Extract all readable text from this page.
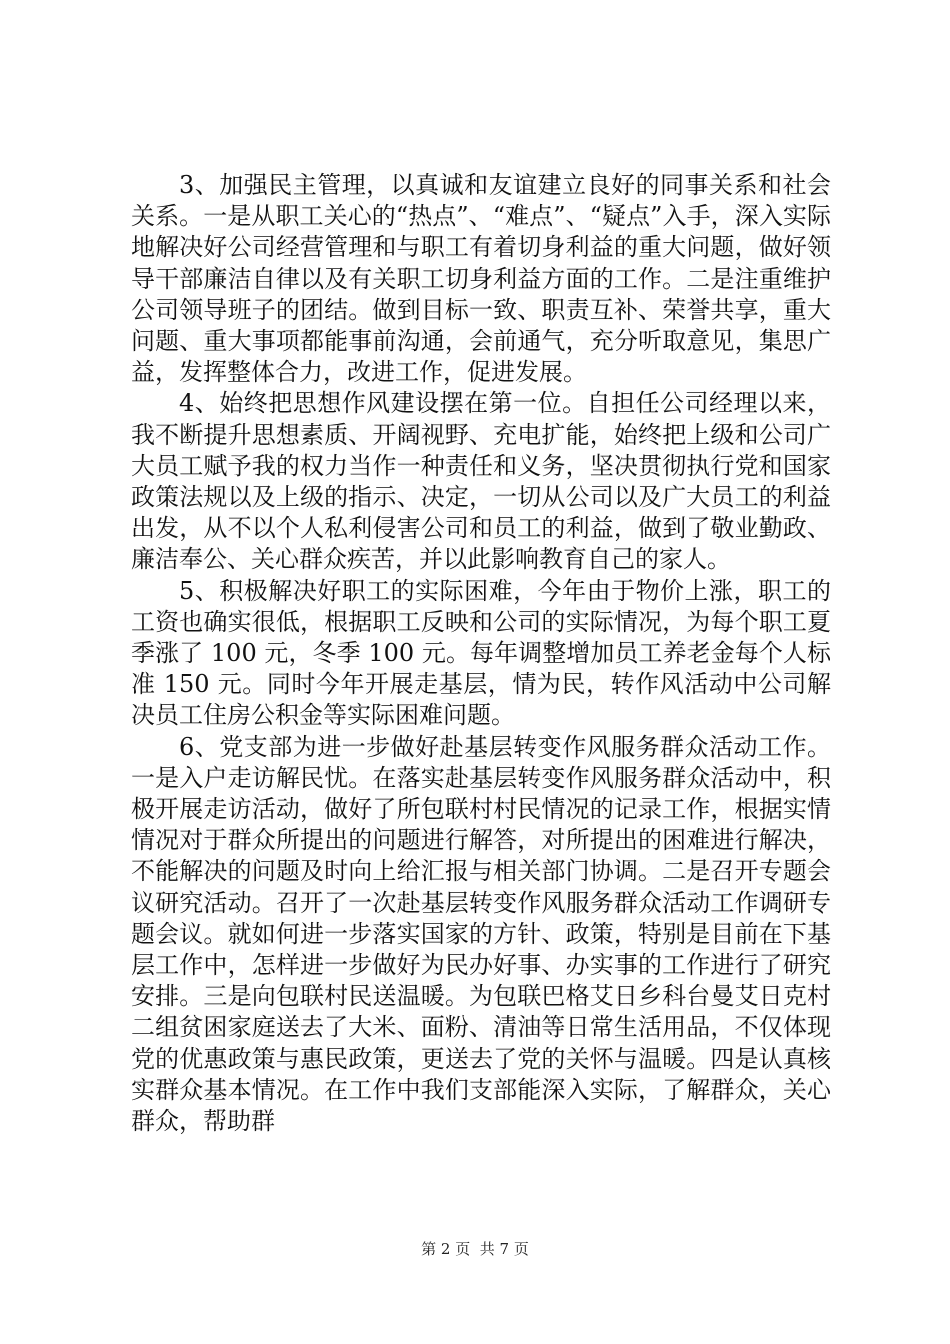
3、加强民主管理，以真诚和友谊建立良好的同事关系和社会关系。一是从职工关心的“热点”、“难点”、“疑点”入手，深入实际地解决好公司经营管理和与职工有着切身利益的重大问题，做好领导干部廉洁自律以及有关职工切身利益方面的工作。二是注重维护公司领导班子的团结。做到目标一致、职责互补、荣誉共享，重大问题、重大事项都能事前沟通，会前通气，充分听取意见，集思广益，发挥整体合力，改进工作，促进发展。

4、始终把思想作风建设摆在第一位。自担任公司经理以来，我不断提升思想素质、开阔视野、充电扩能，始终把上级和公司广大员工赋予我的权力当作一种责任和义务，坚决贯彻执行党和国家政策法规以及上级的指示、决定，一切从公司以及广大员工的利益出发，从不以个人私利侵害公司和员工的利益，做到了敬业勤政、廉洁奉公、关心群众疾苦，并以此影响教育自己的家人。

5、积极解决好职工的实际困难，今年由于物价上涨，职工的工资也确实很低，根据职工反映和公司的实际情况，为每个职工夏季涨了 100 元，冬季 100 元。每年调整增加员工养老金每个人标准 150 元。同时今年开展走基层，情为民，转作风活动中公司解决员工住房公积金等实际困难问题。

6、党支部为进一步做好赴基层转变作风服务群众活动工作。一是入户走访解民忧。在落实赴基层转变作风服务群众活动中，积极开展走访活动，做好了所包联村村民情况的记录工作，根据实情情况对于群众所提出的问题进行解答，对所提出的困难进行解决，不能解决的问题及时向上给汇报与相关部门协调。二是召开专题会议研究活动。召开了一次赴基层转变作风服务群众活动工作调研专题会议。就如何进一步落实国家的方针、政策，特别是目前在下基层工作中，怎样进一步做好为民办好事、办实事的工作进行了研究安排。三是向包联村民送温暖。为包联巴格艾日乡科台曼艾日克村二组贫困家庭送去了大米、面粉、清油等日常生活用品，不仅体现党的优惠政策与惠民政策，更送去了党的关怀与温暖。四是认真核实群众基本情况。在工作中我们支部能深入实际，了解群众，关心群众，帮助群

第 2 页  共 7 页
